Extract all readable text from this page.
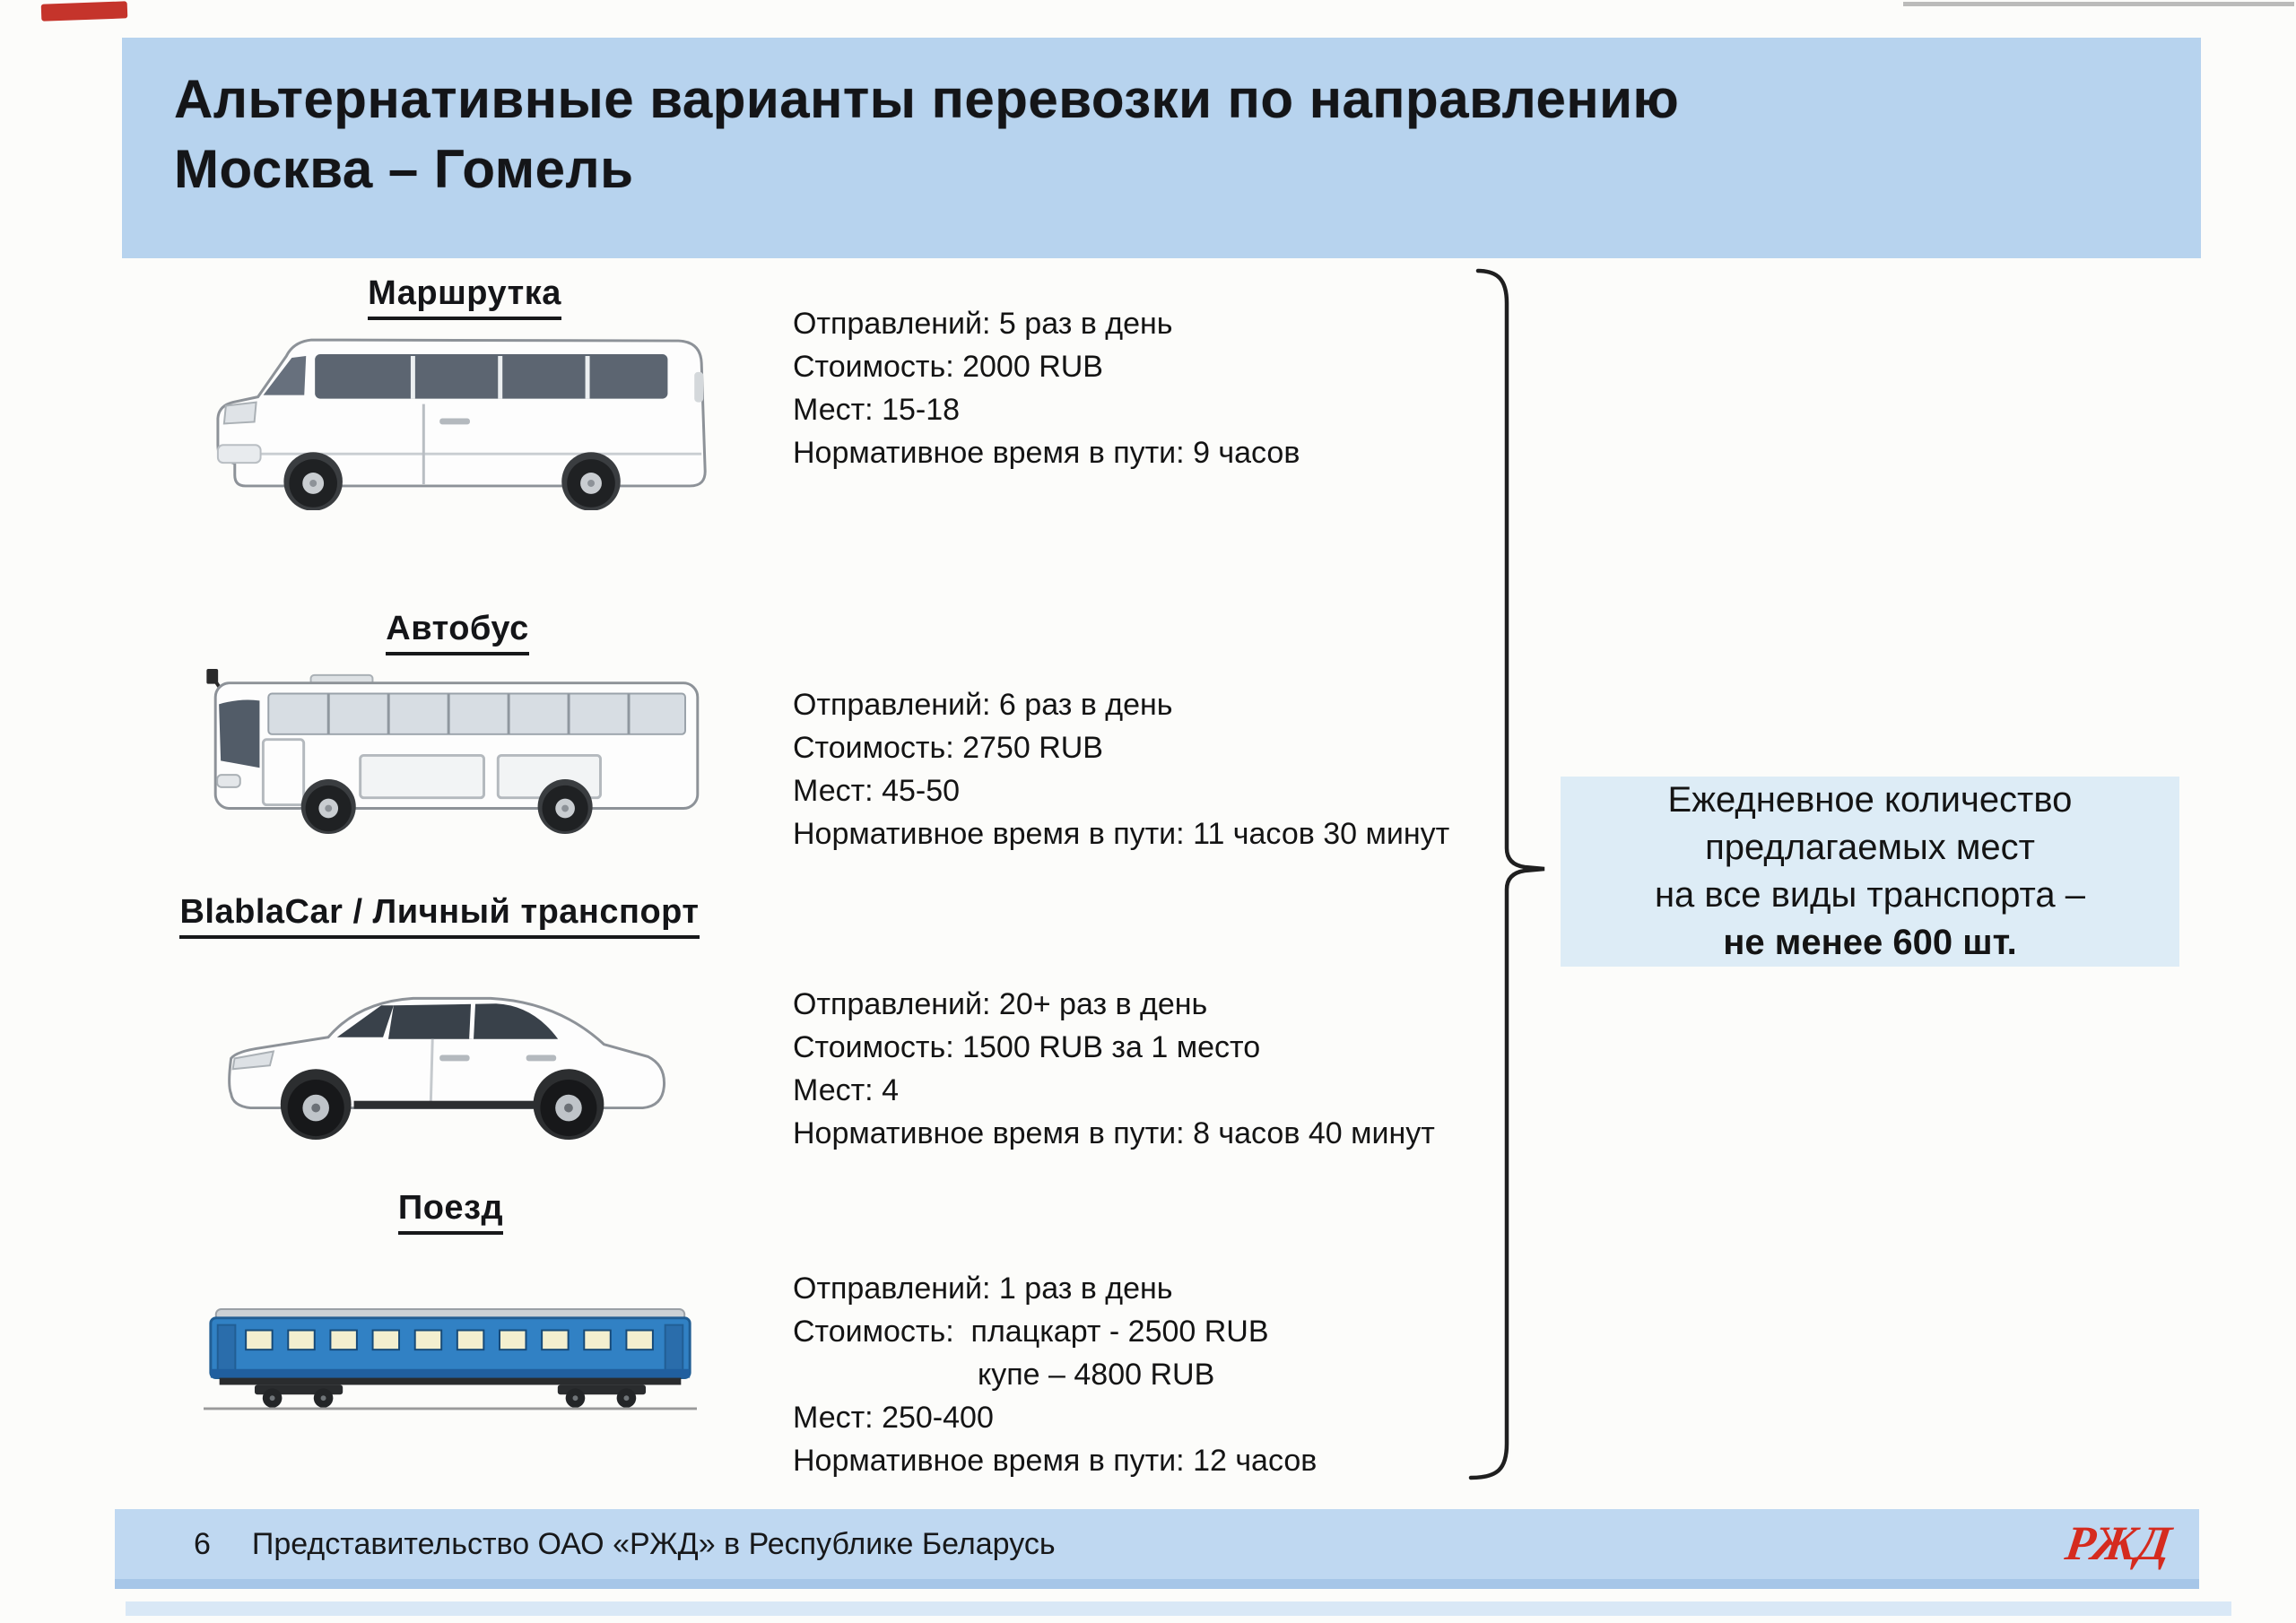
Альтернативные варианты перевозки по направлению
Москва – Гомель
Маршрутка
Отправлений: 5 раз в день
Стоимость: 2000 RUB
Мест: 15-18
Нормативное время в пути: 9 часов
Автобус
Отправлений: 6 раз в день
Стоимость: 2750 RUB
Мест: 45-50
Нормативное время в пути: 11 часов 30 минут
BlablaCar / Личный транспорт
Отправлений: 20+ раз в день
Стоимость: 1500 RUB за 1 место
Мест: 4
Нормативное время в пути: 8 часов 40 минут
Поезд
Отправлений: 1 раз в день
Стоимость:  плацкарт - 2500 RUB
купе – 4800 RUB
Мест: 250-400
Нормативное время в пути: 12 часов
Ежедневное количество
предлагаемых мест
на все виды транспорта –
не менее 600 шт.
6 Представительство ОАО «РЖД» в Республике Беларусь	РЖД
